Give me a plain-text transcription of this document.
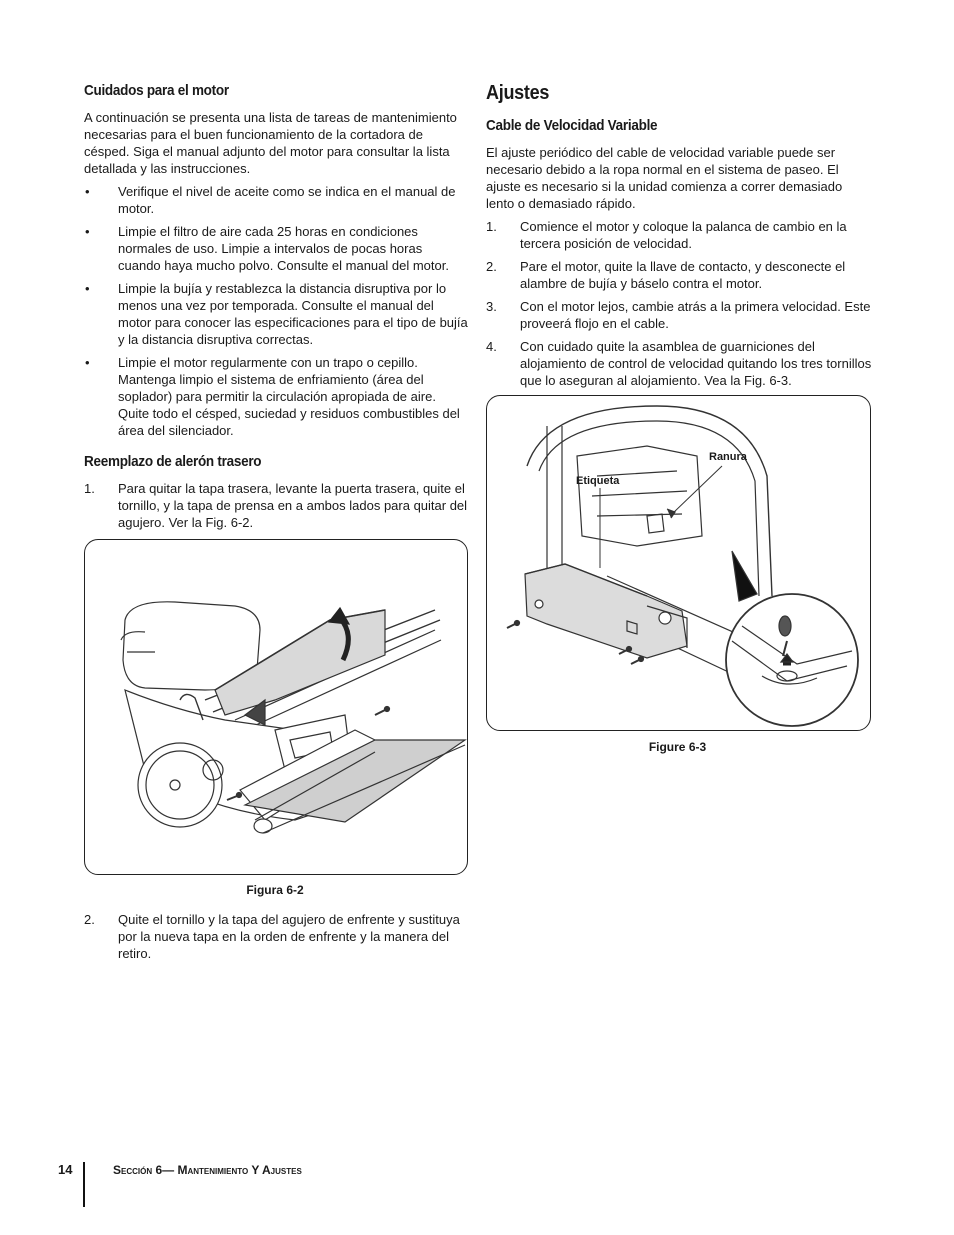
Cuidados para el motor

A continuación se presenta una lista de tareas de mantenimiento necesarias para el buen funcionamiento de la cortadora de césped. Siga el manual adjunto del motor para consultar la lista detallada y las instrucciones.

• Verifique el nivel de aceite como se indica en el manual de motor.
• Limpie el filtro de aire cada 25 horas en condiciones normales de uso. Limpie a intervalos de pocas horas cuando haya mucho polvo. Consulte el manual del motor.
• Limpie la bujía y restablezca la distancia disruptiva por lo menos una vez por temporada. Consulte el manual del motor para conocer las especificaciones para el tipo de bujía y la distancia disruptiva correctas.
• Limpie el motor regularmente con un trapo o cepillo. Mantenga limpio el sistema de enfriamiento (área del soplador) para permitir la circulación apropiada de aire. Quite todo el césped, suciedad y residuos combustibles del área del silenciador.
Reemplazo de alerón trasero
1. Para quitar la tapa trasera, levante la puerta trasera, quite el tornillo, y la tapa de prensa en a ambos lados para quitar del agujero. Ver la Fig. 6-2.
Figura 6-2
2. Quite el tornillo y la tapa del agujero de enfrente y sustituya por la nueva tapa en la orden de enfrente y la manera del retiro.
Ajustes
Cable de Velocidad Variable

El ajuste periódico del cable de velocidad variable puede ser necesario debido a la ropa normal en el sistema de paseo. El ajuste es necesario si la unidad comienza a correr demasiado lento o demasiado rápido.

1. Comience el motor y coloque la palanca de cambio en la tercera posición de velocidad.
2. Pare el motor, quite la llave de contacto, y desconecte el alambre de bujía y báselo contra el motor.
3. Con el motor lejos, cambie atrás a la primera velocidad. Este proveerá flojo en el cable.
4. Con cuidado quite la asamblea de guarniciones del alojamiento de control de velocidad quitando los tres tornillos que lo aseguran al alojamiento. Vea la Fig. 6-3.
Ranura
Etiqueta
Figure 6-3
14	Sección 6— Mantenimiento Y Ajustes
